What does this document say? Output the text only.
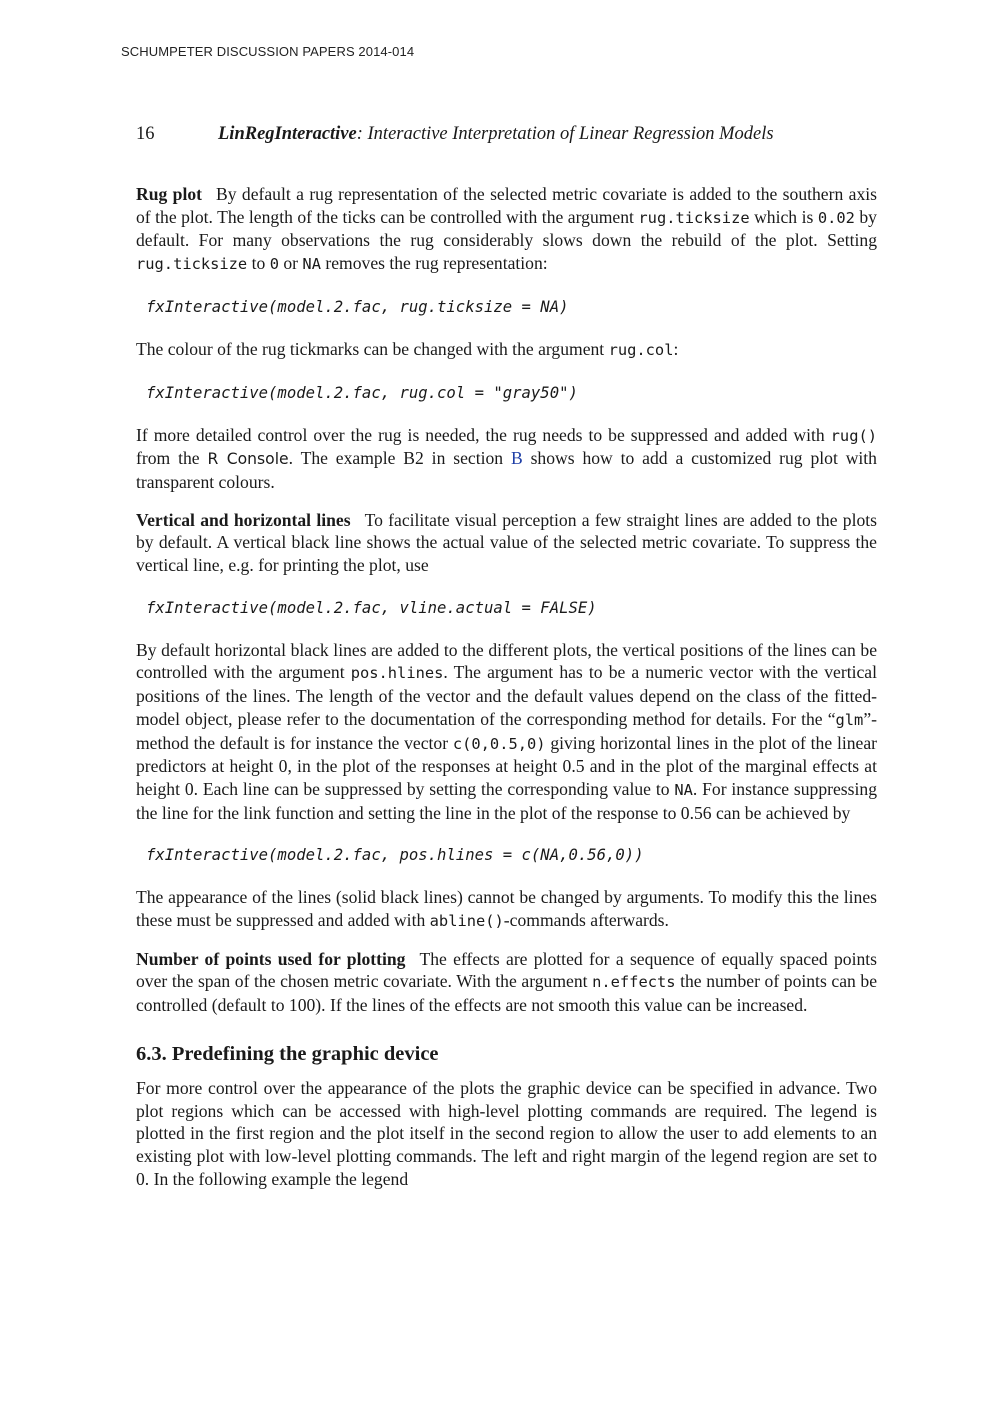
SCHUMPETER DISCUSSION PAPERS 2014-014
16	LinRegInteractive: Interactive Interpretation of Linear Regression Models

Rug plot By default a rug representation of the selected metric covariate is added to the southern axis of the plot. The length of the ticks can be controlled with the argument rug.ticksize which is 0.02 by default. For many observations the rug considerably slows down the rebuild of the plot. Setting rug.ticksize to 0 or NA removes the rug representation:

fxInteractive(model.2.fac, rug.ticksize = NA)

The colour of the rug tickmarks can be changed with the argument rug.col:

fxInteractive(model.2.fac, rug.col = "gray50")

If more detailed control over the rug is needed, the rug needs to be suppressed and added with rug() from the R Console. The example B2 in section B shows how to add a customized rug plot with transparent colours.

Vertical and horizontal lines To facilitate visual perception a few straight lines are added to the plots by default. A vertical black line shows the actual value of the selected metric covariate. To suppress the vertical line, e.g. for printing the plot, use

fxInteractive(model.2.fac, vline.actual = FALSE)

By default horizontal black lines are added to the different plots, the vertical positions of the lines can be controlled with the argument pos.hlines. The argument has to be a numeric vector with the vertical positions of the lines. The length of the vector and the default values depend on the class of the fitted-model object, please refer to the documentation of the corresponding method for details. For the “glm”-method the default is for instance the vector c(0,0.5,0) giving horizontal lines in the plot of the linear predictors at height 0, in the plot of the responses at height 0.5 and in the plot of the marginal effects at height 0. Each line can be suppressed by setting the corresponding value to NA. For instance suppressing the line for the link function and setting the line in the plot of the response to 0.56 can be achieved by

fxInteractive(model.2.fac, pos.hlines = c(NA,0.56,0))

The appearance of the lines (solid black lines) cannot be changed by arguments. To modify this the lines these must be suppressed and added with abline()-commands afterwards.

Number of points used for plotting The effects are plotted for a sequence of equally spaced points over the span of the chosen metric covariate. With the argument n.effects the number of points can be controlled (default to 100). If the lines of the effects are not smooth this value can be increased.

6.3. Predefining the graphic device

For more control over the appearance of the plots the graphic device can be specified in advance. Two plot regions which can be accessed with high-level plotting commands are required. The legend is plotted in the first region and the plot itself in the second region to allow the user to add elements to an existing plot with low-level plotting commands. The left and right margin of the legend region are set to 0. In the following example the legend
